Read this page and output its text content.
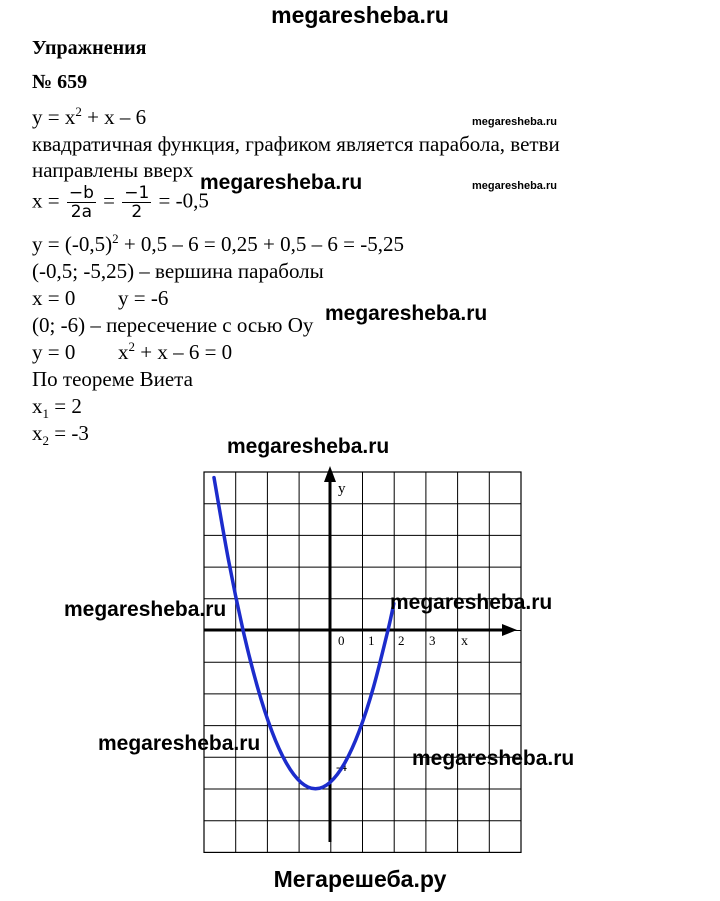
megaresheba.ru
Упражнения
№ 659
$y = x^2 + x - 6$
квадратичная функция, графиком является парабола, ветви
направлены вверх
$x = \frac{-b}{2a} = \frac{-1}{2} = -0,5$
$y = (-0,5)^2 + 0,5 - 6 = 0,25 + 0,5 - 6 = -5,25$
(-0,5; -5,25) – вершина параболы
x = 0 y = -6
(0; -6) – пересечение с осью Oy
y = 0 $x^2 + x - 6 = 0$
По теореме Виета
$x_1 = 2$
$x_2 = -3$
y
x
0 1 2 3
-4
megaresheba.ru
megaresheba.ru
megaresheba.ru
megaresheba.ru
megaresheba.ru
megaresheba.ru	megaresheba.ru
megaresheba.ru
megaresheba.ru
Мегарешеба.ру
